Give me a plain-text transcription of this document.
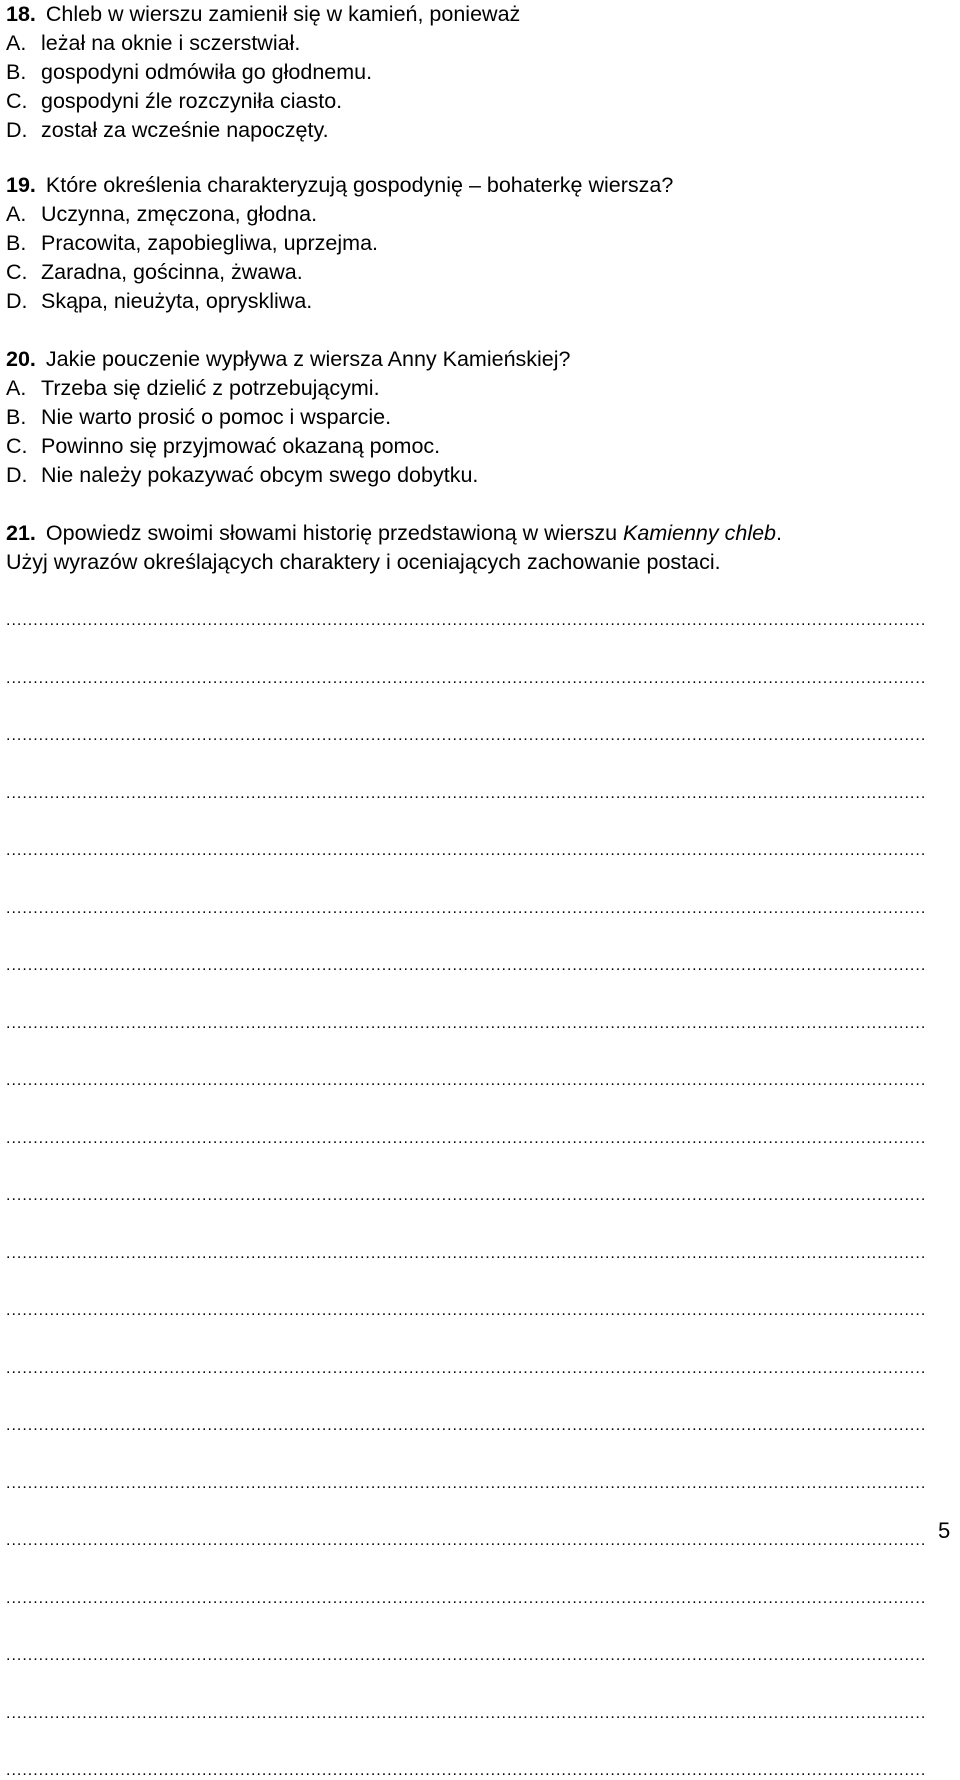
18. Chleb w wierszu zamienił się w kamień, ponieważ
A. leżał na oknie i sczerstwiał.
B. gospodyni odmówiła go głodnemu.
C. gospodyni źle rozczyniła ciasto.
D. został za wcześnie napoczęty.
19. Które określenia charakteryzują gospodynię – bohaterkę wiersza?
A. Uczynna, zmęczona, głodna.
B. Pracowita, zapobiegliwa, uprzejma.
C. Zaradna, gościnna, żwawa.
D. Skąpa, nieużyta, opryskliwa.
20. Jakie pouczenie wypływa z wiersza Anny Kamieńskiej?
A. Trzeba się dzielić z potrzebującymi.
B. Nie warto prosić o pomoc i wsparcie.
C. Powinno się przyjmować okazaną pomoc.
D. Nie należy pokazywać obcym swego dobytku.
21. Opowiedz swoimi słowami historię przedstawioną w wierszu Kamienny chleb.
Użyj wyrazów określających charaktery i oceniających zachowanie postaci.
.........................................................................................................................................................................
.........................................................................................................................................................................
.........................................................................................................................................................................
.........................................................................................................................................................................
.........................................................................................................................................................................
.........................................................................................................................................................................
.........................................................................................................................................................................
.........................................................................................................................................................................
.........................................................................................................................................................................
.........................................................................................................................................................................
.........................................................................................................................................................................
.........................................................................................................................................................................
.........................................................................................................................................................................
.........................................................................................................................................................................
.........................................................................................................................................................................
.........................................................................................................................................................................
.........................................................................................................................................................................
.........................................................................................................................................................................
.........................................................................................................................................................................
.........................................................................................................................................................................
.........................................................................................................................................................................
5
